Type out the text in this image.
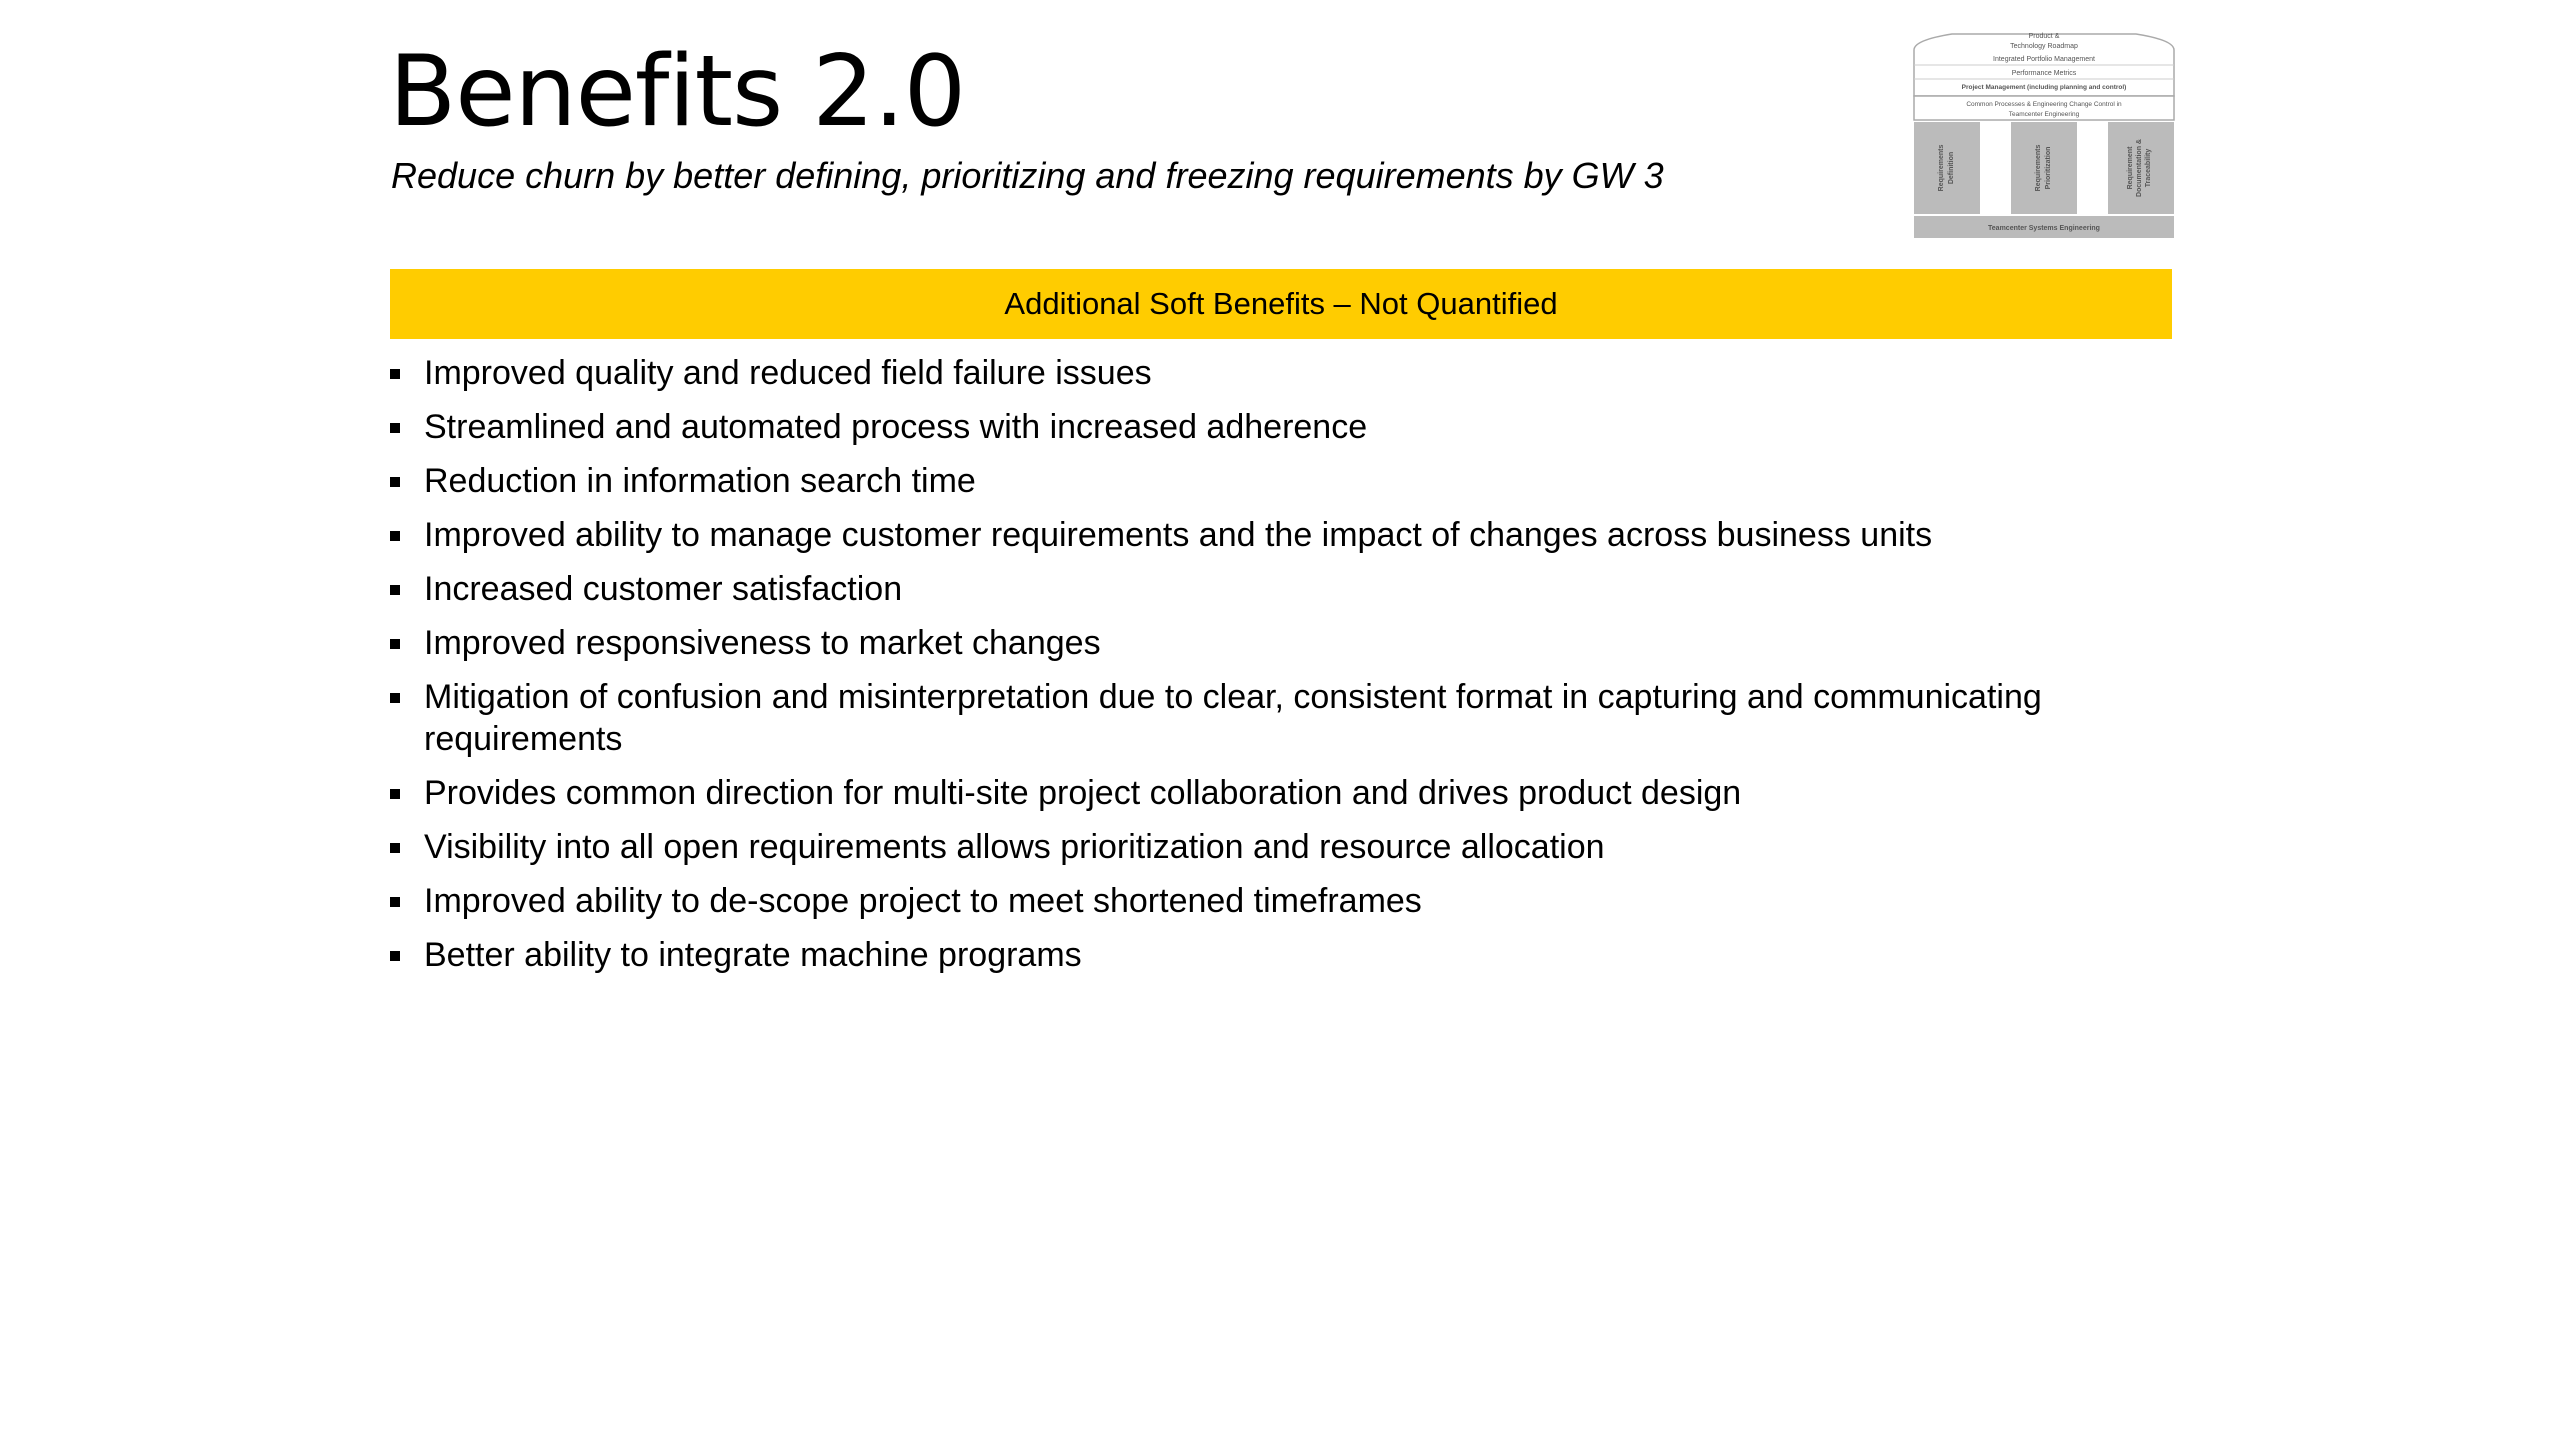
Benefits 2.0
Reduce churn by better defining, prioritizing and freezing requirements by GW 3
Additional Soft Benefits – Not Quantified
Improved quality and reduced field failure issues
Streamlined and automated process with increased adherence
Reduction in information search time
Improved ability to manage customer requirements and the impact of changes across business units
Increased customer satisfaction
Improved responsiveness to market changes
Mitigation of confusion and misinterpretation due to clear, consistent format in capturing and communicating requirements
Provides common direction for multi-site project collaboration and drives product design
Visibility into all open requirements allows prioritization and resource allocation
Improved ability to de-scope project to meet shortened timeframes
Better ability to integrate machine programs
Product &
Technology Roadmap
Integrated Portfolio Management
Performance Metrics
Project Management (including planning and control)
Common Processes & Engineering Change Control in
Teamcenter Engineering
Requirements Definition	Requirements Prioritization	Requirement Documentation & Traceability
Teamcenter Systems Engineering
